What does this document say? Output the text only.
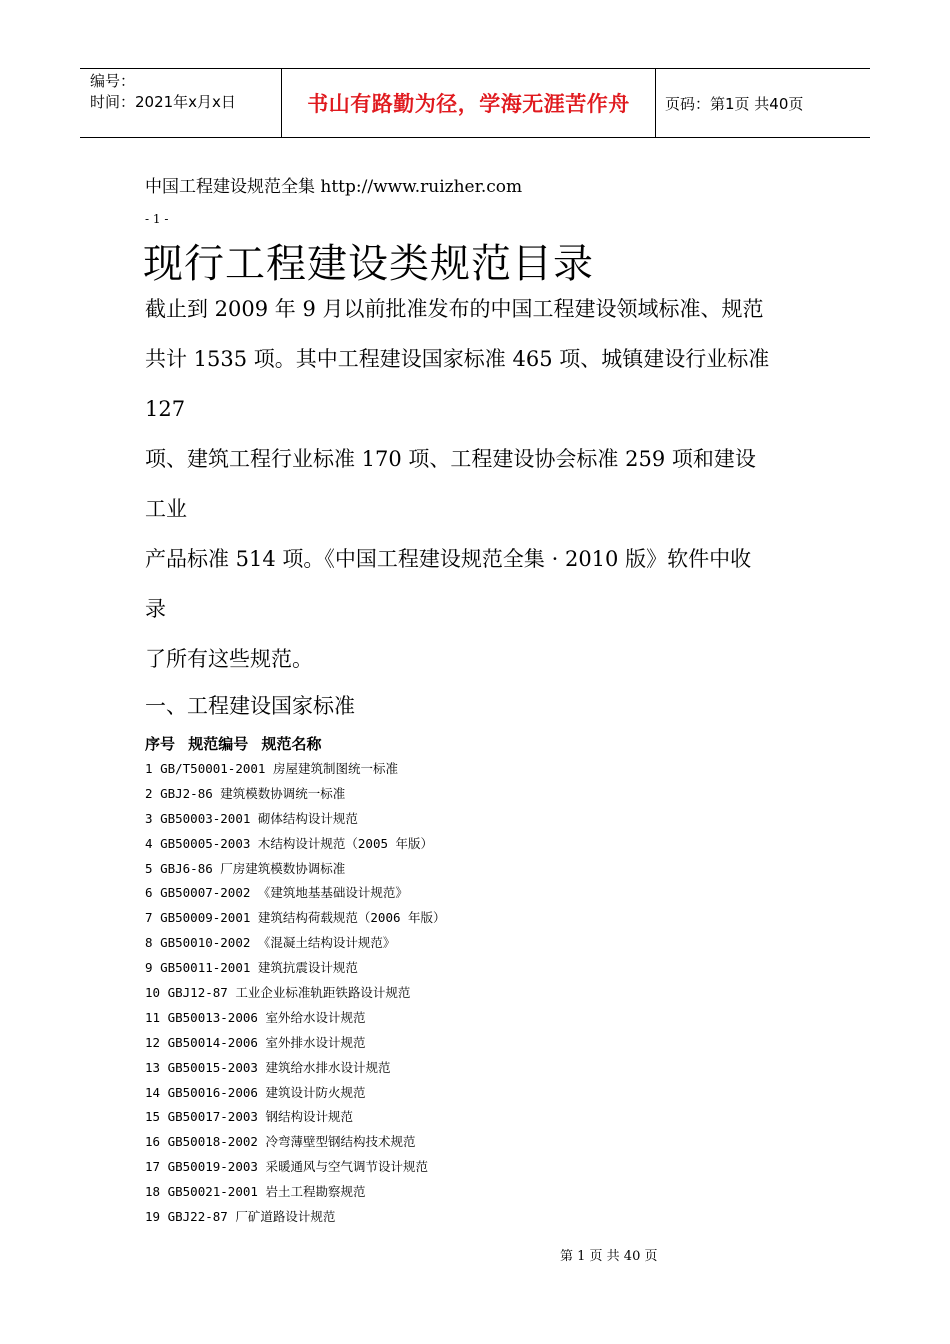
编号：
时间：2021年x月x日	书山有路勤为径，学海无涯苦作舟	页码：第1页 共40页
中国工程建设规范全集 http://www.ruizher.com
- 1 -
现行工程建设类规范目录
截止到 2009 年 9 月以前批准发布的中国工程建设领域标准、规范
共计 1535 项。其中工程建设国家标准 465 项、城镇建设行业标准
127
项、建筑工程行业标准 170 项、工程建设协会标准 259 项和建设
工业
产品标准 514 项。《中国工程建设规范全集 · 2010 版》软件中收
录
了所有这些规范。
一、工程建设国家标准
序号 规范编号 规范名称
1 GB/T50001-2001 房屋建筑制图统一标准
2 GBJ2-86 建筑模数协调统一标准
3 GB50003-2001 砌体结构设计规范
4 GB50005-2003 木结构设计规范（2005 年版）
5 GBJ6-86 厂房建筑模数协调标准
6 GB50007-2002 《建筑地基基础设计规范》
7 GB50009-2001 建筑结构荷载规范（2006 年版）
8 GB50010-2002 《混凝土结构设计规范》
9 GB50011-2001 建筑抗震设计规范
10 GBJ12-87 工业企业标准轨距铁路设计规范
11 GB50013-2006 室外给水设计规范
12 GB50014-2006 室外排水设计规范
13 GB50015-2003 建筑给水排水设计规范
14 GB50016-2006 建筑设计防火规范
15 GB50017-2003 钢结构设计规范
16 GB50018-2002 冷弯薄壁型钢结构技术规范
17 GB50019-2003 采暖通风与空气调节设计规范
18 GB50021-2001 岩土工程勘察规范
19 GBJ22-87 厂矿道路设计规范
第 1 页 共 40 页
